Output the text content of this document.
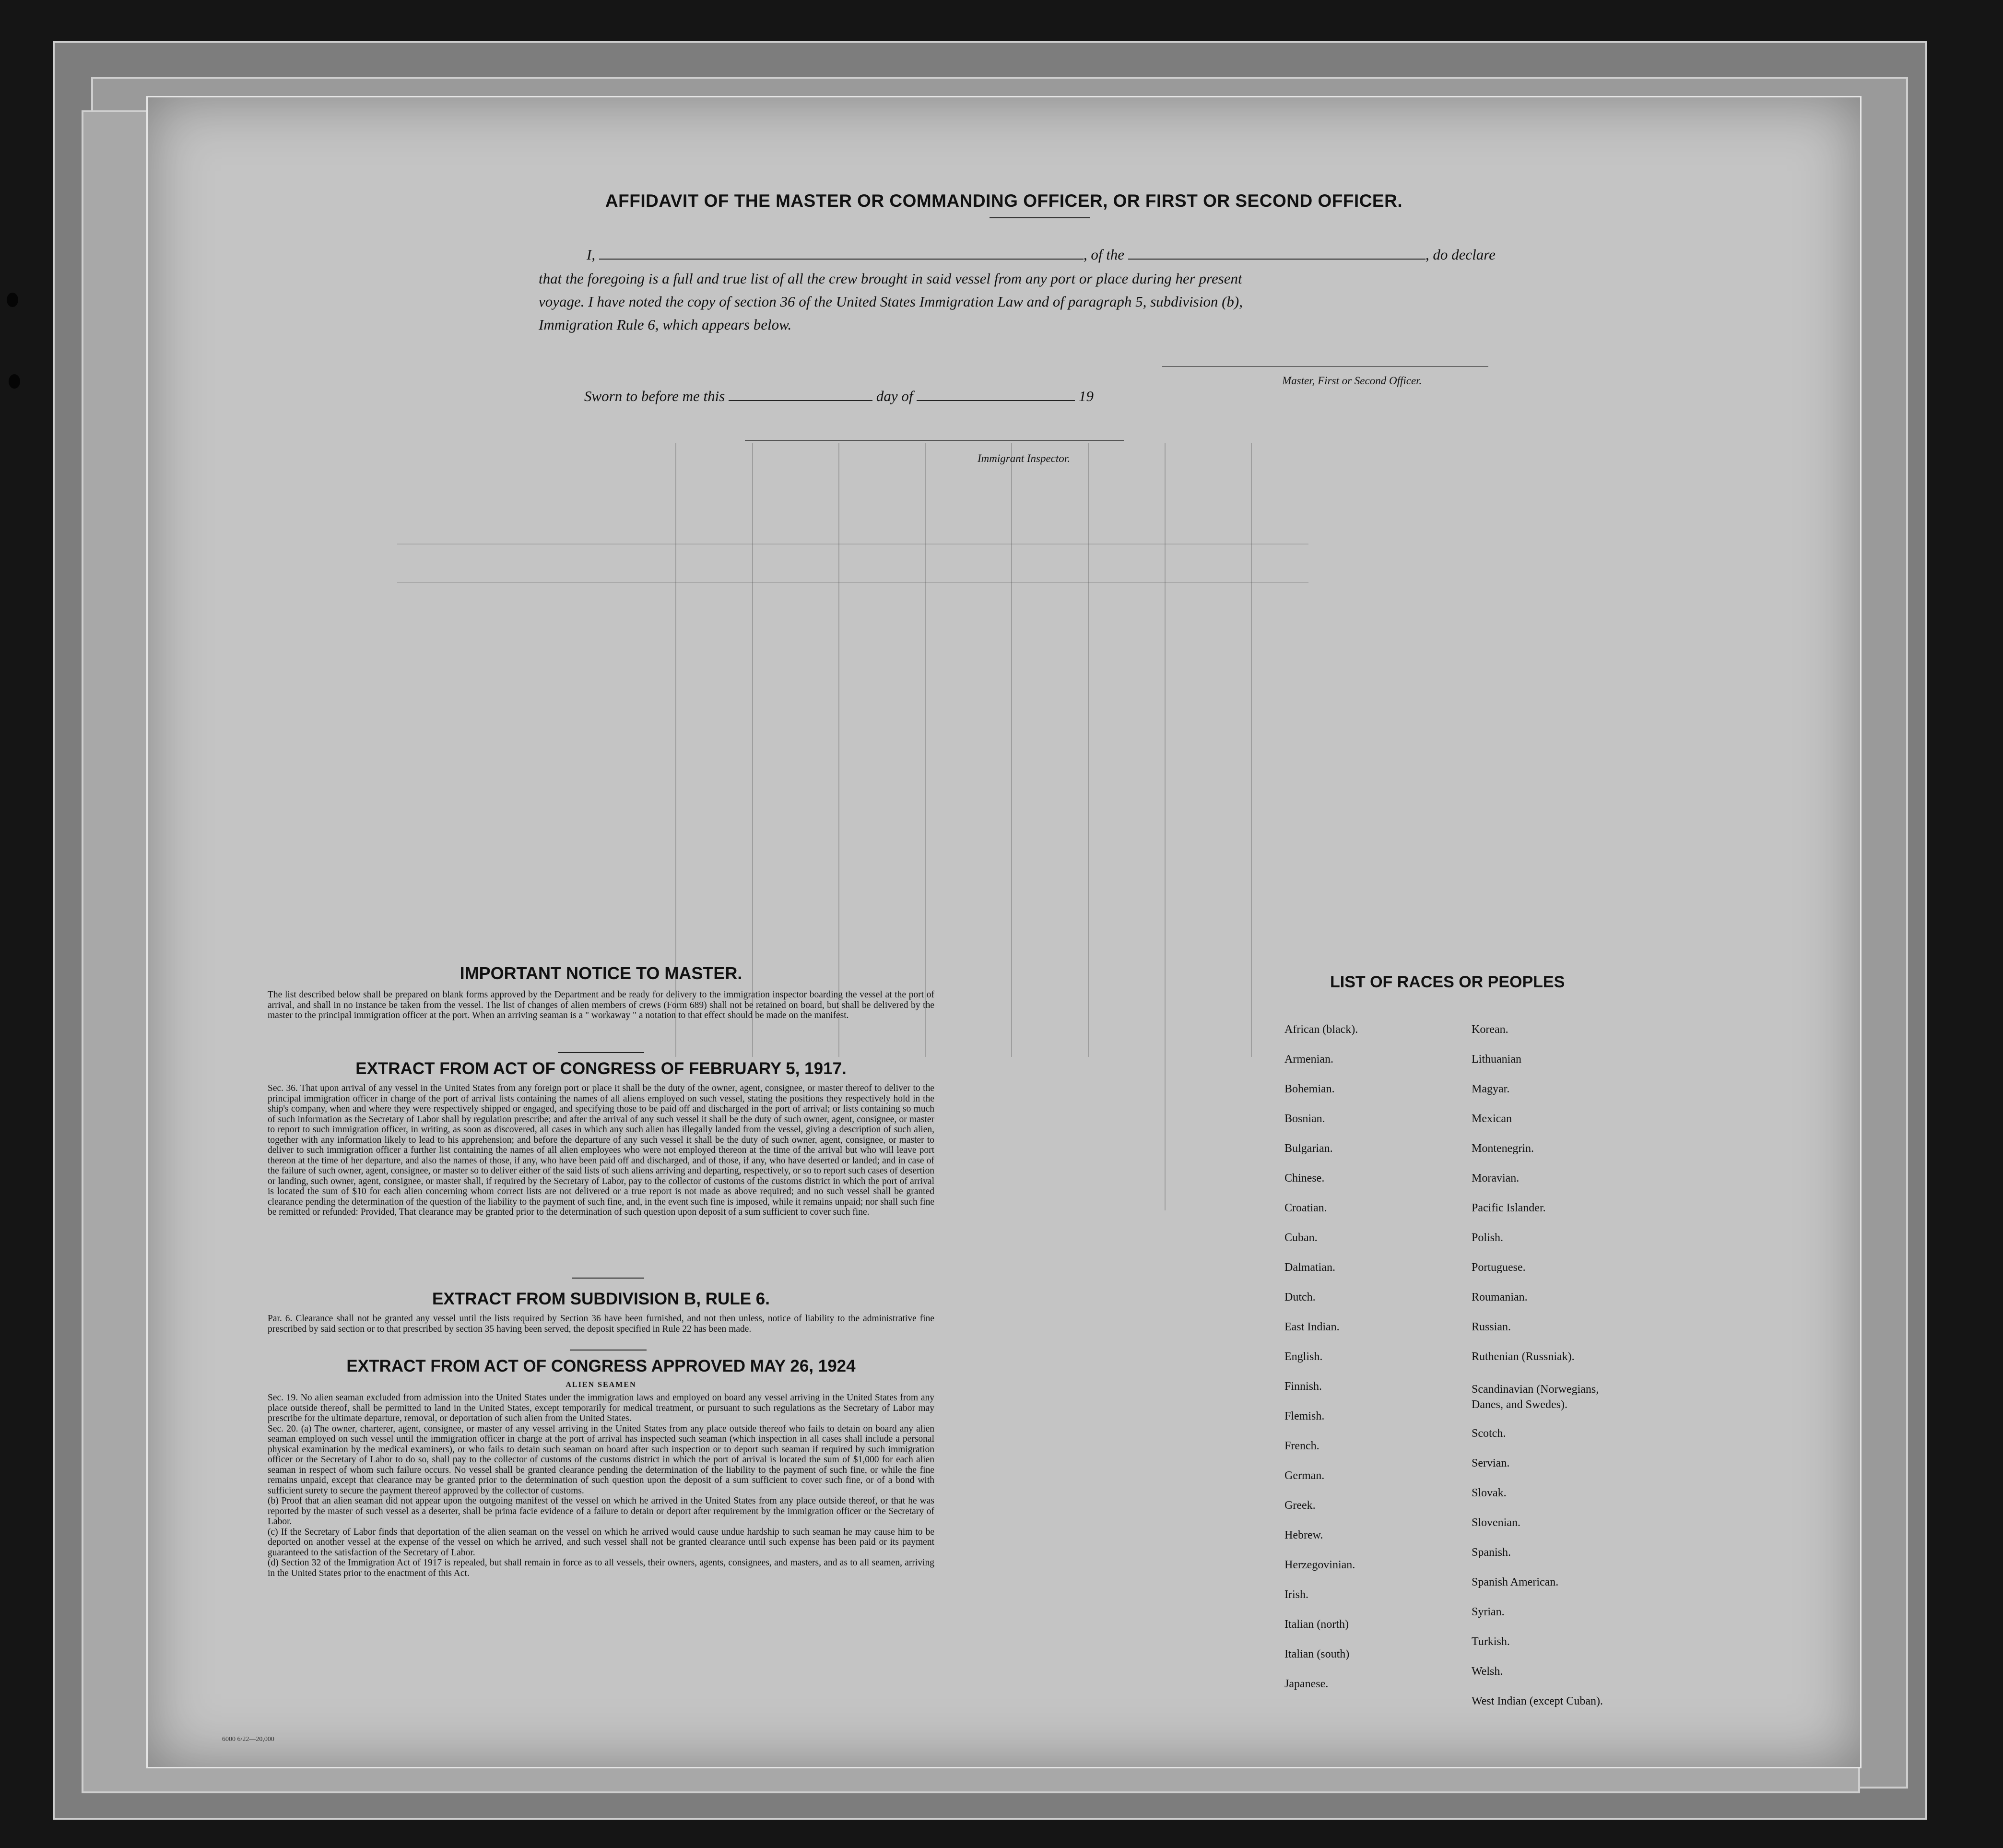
AFFIDAVIT OF THE MASTER OR COMMANDING OFFICER, OR FIRST OR SECOND OFFICER.
I,	, of the	, do declare
that the foregoing is a full and true list of all the crew brought in said vessel from any port or place during her present
voyage. I have noted the copy of section 36 of the United States Immigration Law and of paragraph 5, subdivision (b),
Immigration Rule 6, which appears below.
Master, First or Second Officer.
Sworn to before me this	day of	19
Immigrant Inspector.
IMPORTANT NOTICE TO MASTER.
The list described below shall be prepared on blank forms approved by the Department and be ready for delivery to the immigration inspector boarding the vessel at the port of arrival, and shall in no instance be taken from the vessel. The list of changes of alien members of crews (Form 689) shall not be retained on board, but shall be delivered by the master to the principal immigration officer at the port. When an arriving seaman is a " workaway " a notation to that effect should be made on the manifest.
EXTRACT FROM ACT OF CONGRESS OF FEBRUARY 5, 1917.
Sec. 36. That upon arrival of any vessel in the United States from any foreign port or place it shall be the duty of the owner, agent, consignee, or master thereof to deliver to the principal immigration officer in charge of the port of arrival lists containing the names of all aliens employed on such vessel, stating the positions they respectively hold in the ship's company, when and where they were respectively shipped or engaged, and specifying those to be paid off and discharged in the port of arrival; or lists containing so much of such information as the Secretary of Labor shall by regulation prescribe; and after the arrival of any such vessel it shall be the duty of such owner, agent, consignee, or master to report to such immigration officer, in writing, as soon as discovered, all cases in which any such alien has illegally landed from the vessel, giving a description of such alien, together with any information likely to lead to his apprehension; and before the departure of any such vessel it shall be the duty of such owner, agent, consignee, or master to deliver to such immigration officer a further list containing the names of all alien employees who were not employed thereon at the time of the arrival but who will leave port thereon at the time of her departure, and also the names of those, if any, who have been paid off and discharged, and of those, if any, who have deserted or landed; and in case of the failure of such owner, agent, consignee, or master so to deliver either of the said lists of such aliens arriving and departing, respectively, or so to report such cases of desertion or landing, such owner, agent, consignee, or master shall, if required by the Secretary of Labor, pay to the collector of customs of the customs district in which the port of arrival is located the sum of $10 for each alien concerning whom correct lists are not delivered or a true report is not made as above required; and no such vessel shall be granted clearance pending the determination of the question of the liability to the payment of such fine, and, in the event such fine is imposed, while it remains unpaid; nor shall such fine be remitted or refunded: Provided, That clearance may be granted prior to the determination of such question upon deposit of a sum sufficient to cover such fine.
EXTRACT FROM SUBDIVISION B, RULE 6.
Par. 6. Clearance shall not be granted any vessel until the lists required by Section 36 have been furnished, and not then unless, notice of liability to the administrative fine prescribed by said section or to that prescribed by section 35 having been served, the deposit specified in Rule 22 has been made.
EXTRACT FROM ACT OF CONGRESS APPROVED MAY 26, 1924
ALIEN SEAMEN
Sec. 19. No alien seaman excluded from admission into the United States under the immigration laws and employed on board any vessel arriving in the United States from any place outside thereof, shall be permitted to land in the United States, except temporarily for medical treatment, or pursuant to such regulations as the Secretary of Labor may prescribe for the ultimate departure, removal, or deportation of such alien from the United States.
Sec. 20. (a) The owner, charterer, agent, consignee, or master of any vessel arriving in the United States from any place outside thereof who fails to detain on board any alien seaman employed on such vessel until the immigration officer in charge at the port of arrival has inspected such seaman (which inspection in all cases shall include a personal physical examination by the medical examiners), or who fails to detain such seaman on board after such inspection or to deport such seaman if required by such immigration officer or the Secretary of Labor to do so, shall pay to the collector of customs of the customs district in which the port of arrival is located the sum of $1,000 for each alien seaman in respect of whom such failure occurs. No vessel shall be granted clearance pending the determination of the liability to the payment of such fine, or while the fine remains unpaid, except that clearance may be granted prior to the determination of such question upon the deposit of a sum sufficient to cover such fine, or of a bond with sufficient surety to secure the payment thereof approved by the collector of customs.
(b) Proof that an alien seaman did not appear upon the outgoing manifest of the vessel on which he arrived in the United States from any place outside thereof, or that he was reported by the master of such vessel as a deserter, shall be prima facie evidence of a failure to detain or deport after requirement by the immigration officer or the Secretary of Labor.
(c) If the Secretary of Labor finds that deportation of the alien seaman on the vessel on which he arrived would cause undue hardship to such seaman he may cause him to be deported on another vessel at the expense of the vessel on which he arrived, and such vessel shall not be granted clearance until such expense has been paid or its payment guaranteed to the satisfaction of the Secretary of Labor.
(d) Section 32 of the Immigration Act of 1917 is repealed, but shall remain in force as to all vessels, their owners, agents, consignees, and masters, and as to all seamen, arriving in the United States prior to the enactment of this Act.
LIST OF RACES OR PEOPLES
African (black).
Armenian.
Bohemian.
Bosnian.
Bulgarian.
Chinese.
Croatian.
Cuban.
Dalmatian.
Dutch.
East Indian.
English.
Finnish.
Flemish.
French.
German.
Greek.
Hebrew.
Herzegovinian.
Irish.
Italian (north)
Italian (south)
Japanese.
Korean.
Lithuanian
Magyar.
Mexican
Montenegrin.
Moravian.
Pacific Islander.
Polish.
Portuguese.
Roumanian.
Russian.
Ruthenian (Russniak).
Scandinavian (Norwegians,
Danes, and Swedes).
Scotch.
Servian.
Slovak.
Slovenian.
Spanish.
Spanish American.
Syrian.
Turkish.
Welsh.
West Indian (except Cuban).
6000 6/22—20,000
